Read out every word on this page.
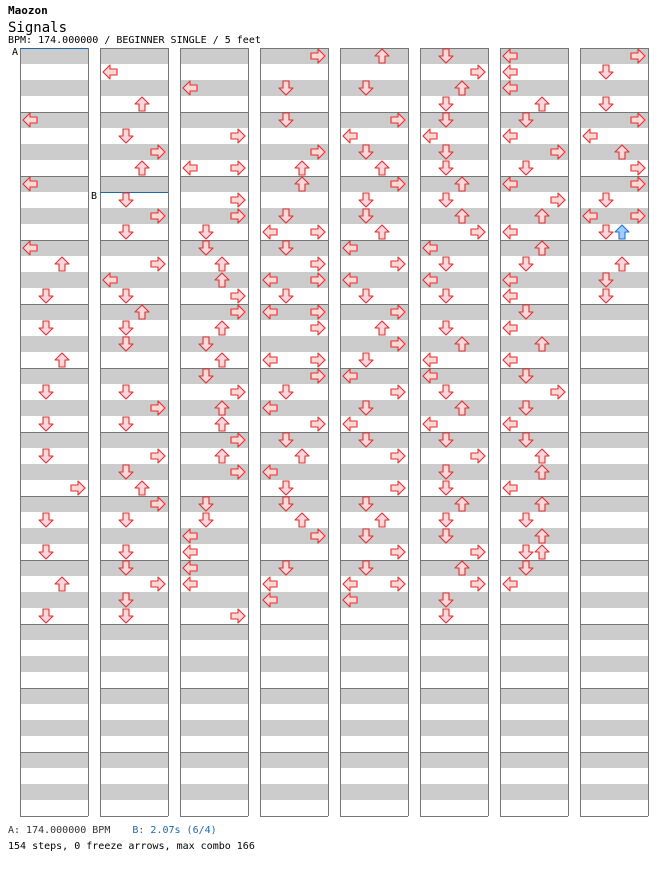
Maozon
Signals
BPM: 174.000000 / BEGINNER SINGLE / 5 feet
A
B
A: 174.000000 BPM B: 2.07s (6/4)
154 steps, 0 freeze arrows, max combo 166
